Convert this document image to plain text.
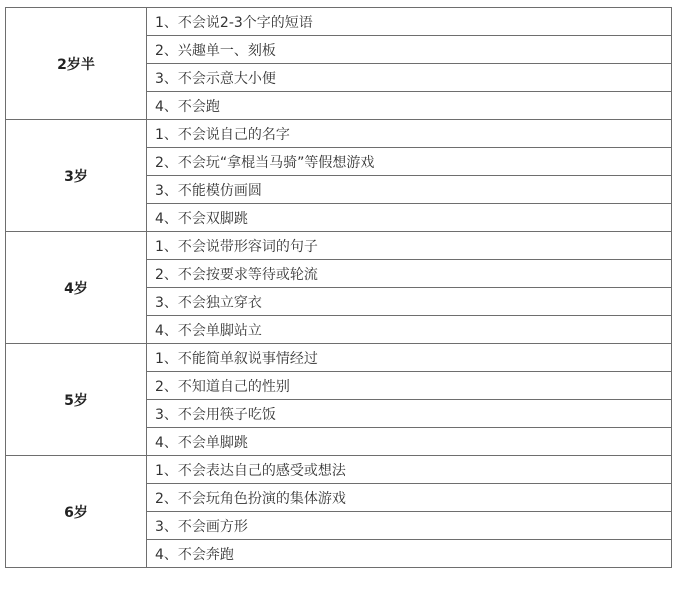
2岁半	1、不会说2-3个字的短语
	2、兴趣单一、刻板
	3、不会示意大小便
	4、不会跑
3岁	1、不会说自己的名字
	2、不会玩“拿棍当马骑”等假想游戏
	3、不能模仿画圆
	4、不会双脚跳
4岁	1、不会说带形容词的句子
	2、不会按要求等待或轮流
	3、不会独立穿衣
	4、不会单脚站立
5岁	1、不能简单叙说事情经过
	2、不知道自己的性别
	3、不会用筷子吃饭
	4、不会单脚跳
6岁	1、不会表达自己的感受或想法
	2、不会玩角色扮演的集体游戏
	3、不会画方形
	4、不会奔跑
